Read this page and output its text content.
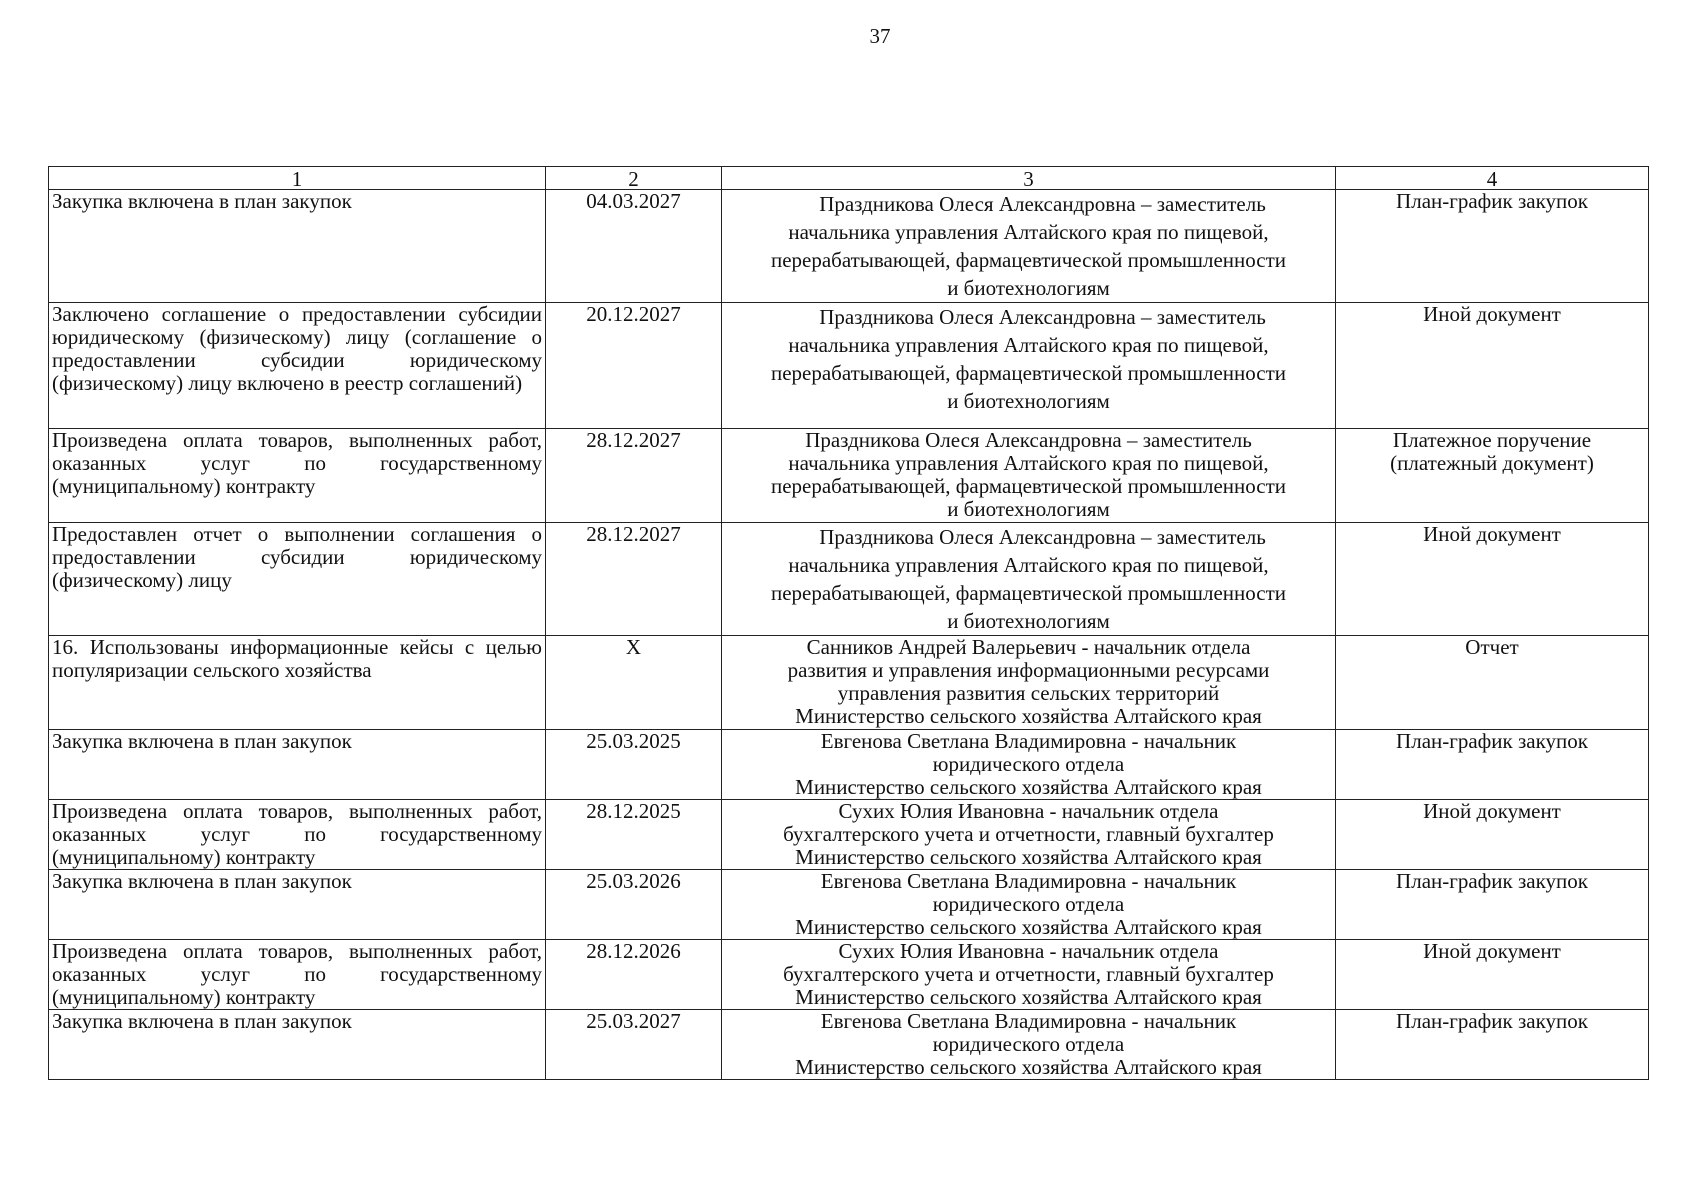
37
1	2	3	4
Закупка включена в план закупок	04.03.2027	Праздникова Олеся Александровна – заместитель
начальника управления Алтайского края по пищевой,
перерабатывающей, фармацевтической промышленности
и биотехнологиям	План-график закупок
Заключено соглашение о предоставлении субсидии юридическому (физическому) лицу (соглашение о предоставлении субсидии юридическому (физическому) лицу включено в реестр соглашений)	20.12.2027	Праздникова Олеся Александровна – заместитель
начальника управления Алтайского края по пищевой,
перерабатывающей, фармацевтической промышленности
и биотехнологиям	Иной документ
Произведена оплата товаров, выполненных работ, оказанных услуг по государственному (муниципальному) контракту	28.12.2027	Праздникова Олеся Александровна – заместитель
начальника управления Алтайского края по пищевой,
перерабатывающей, фармацевтической промышленности
и биотехнологиям	Платежное поручение (платежный документ)
Предоставлен отчет о выполнении соглашения о предоставлении субсидии юридическому (физическому) лицу	28.12.2027	Праздникова Олеся Александровна – заместитель
начальника управления Алтайского края по пищевой,
перерабатывающей, фармацевтической промышленности
и биотехнологиям	Иной документ
16. Использованы информационные кейсы с целью популяризации сельского хозяйства	X	Санников Андрей Валерьевич - начальник отдела
развития и управления информационными ресурсами
управления развития сельских территорий
Министерство сельского хозяйства Алтайского края	Отчет
Закупка включена в план закупок	25.03.2025	Евгенова Светлана Владимировна - начальник
юридического отдела
Министерство сельского хозяйства Алтайского края	План-график закупок
Произведена оплата товаров, выполненных работ, оказанных услуг по государственному (муниципальному) контракту	28.12.2025	Сухих Юлия Ивановна - начальник отдела
бухгалтерского учета и отчетности, главный бухгалтер
Министерство сельского хозяйства Алтайского края	Иной документ
Закупка включена в план закупок	25.03.2026	Евгенова Светлана Владимировна - начальник
юридического отдела
Министерство сельского хозяйства Алтайского края	План-график закупок
Произведена оплата товаров, выполненных работ, оказанных услуг по государственному (муниципальному) контракту	28.12.2026	Сухих Юлия Ивановна - начальник отдела
бухгалтерского учета и отчетности, главный бухгалтер
Министерство сельского хозяйства Алтайского края	Иной документ
Закупка включена в план закупок	25.03.2027	Евгенова Светлана Владимировна - начальник
юридического отдела
Министерство сельского хозяйства Алтайского края	План-график закупок
